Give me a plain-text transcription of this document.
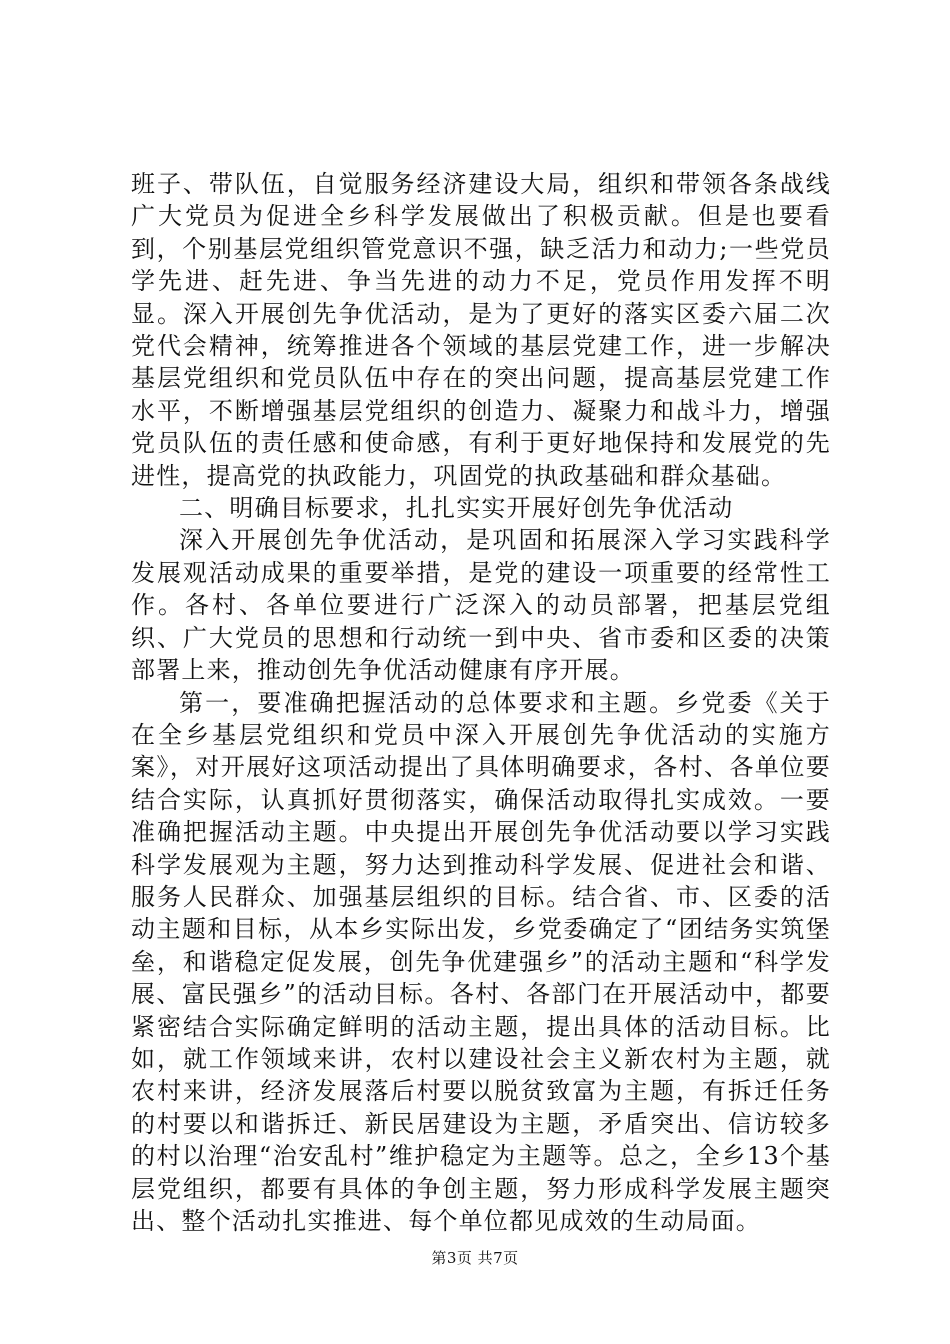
班子、带队伍，自觉服务经济建设大局，组织和带领各条战线广大党员为促进全乡科学发展做出了积极贡献。但是也要看到，个别基层党组织管党意识不强，缺乏活力和动力;一些党员学先进、赶先进、争当先进的动力不足，党员作用发挥不明显。深入开展创先争优活动，是为了更好的落实区委六届二次党代会精神，统筹推进各个领域的基层党建工作，进一步解决基层党组织和党员队伍中存在的突出问题，提高基层党建工作水平，不断增强基层党组织的创造力、凝聚力和战斗力，增强党员队伍的责任感和使命感，有利于更好地保持和发展党的先进性，提高党的执政能力，巩固党的执政基础和群众基础。

二、明确目标要求，扎扎实实开展好创先争优活动

深入开展创先争优活动，是巩固和拓展深入学习实践科学发展观活动成果的重要举措，是党的建设一项重要的经常性工作。各村、各单位要进行广泛深入的动员部署，把基层党组织、广大党员的思想和行动统一到中央、省市委和区委的决策部署上来，推动创先争优活动健康有序开展。

第一，要准确把握活动的总体要求和主题。乡党委《关于在全乡基层党组织和党员中深入开展创先争优活动的实施方案》，对开展好这项活动提出了具体明确要求，各村、各单位要结合实际，认真抓好贯彻落实，确保活动取得扎实成效。一要准确把握活动主题。中央提出开展创先争优活动要以学习实践科学发展观为主题，努力达到推动科学发展、促进社会和谐、服务人民群众、加强基层组织的目标。结合省、市、区委的活动主题和目标，从本乡实际出发，乡党委确定了“团结务实筑堡垒，和谐稳定促发展，创先争优建强乡”的活动主题和“科学发展、富民强乡”的活动目标。各村、各部门在开展活动中，都要紧密结合实际确定鲜明的活动主题，提出具体的活动目标。比如，就工作领域来讲，农村以建设社会主义新农村为主题，就农村来讲，经济发展落后村要以脱贫致富为主题，有拆迁任务的村要以和谐拆迁、新民居建设为主题，矛盾突出、信访较多的村以治理“治安乱村”维护稳定为主题等。总之，全乡13个基层党组织，都要有具体的争创主题，努力形成科学发展主题突出、整个活动扎实推进、每个单位都见成效的生动局面。

第3页 共7页
